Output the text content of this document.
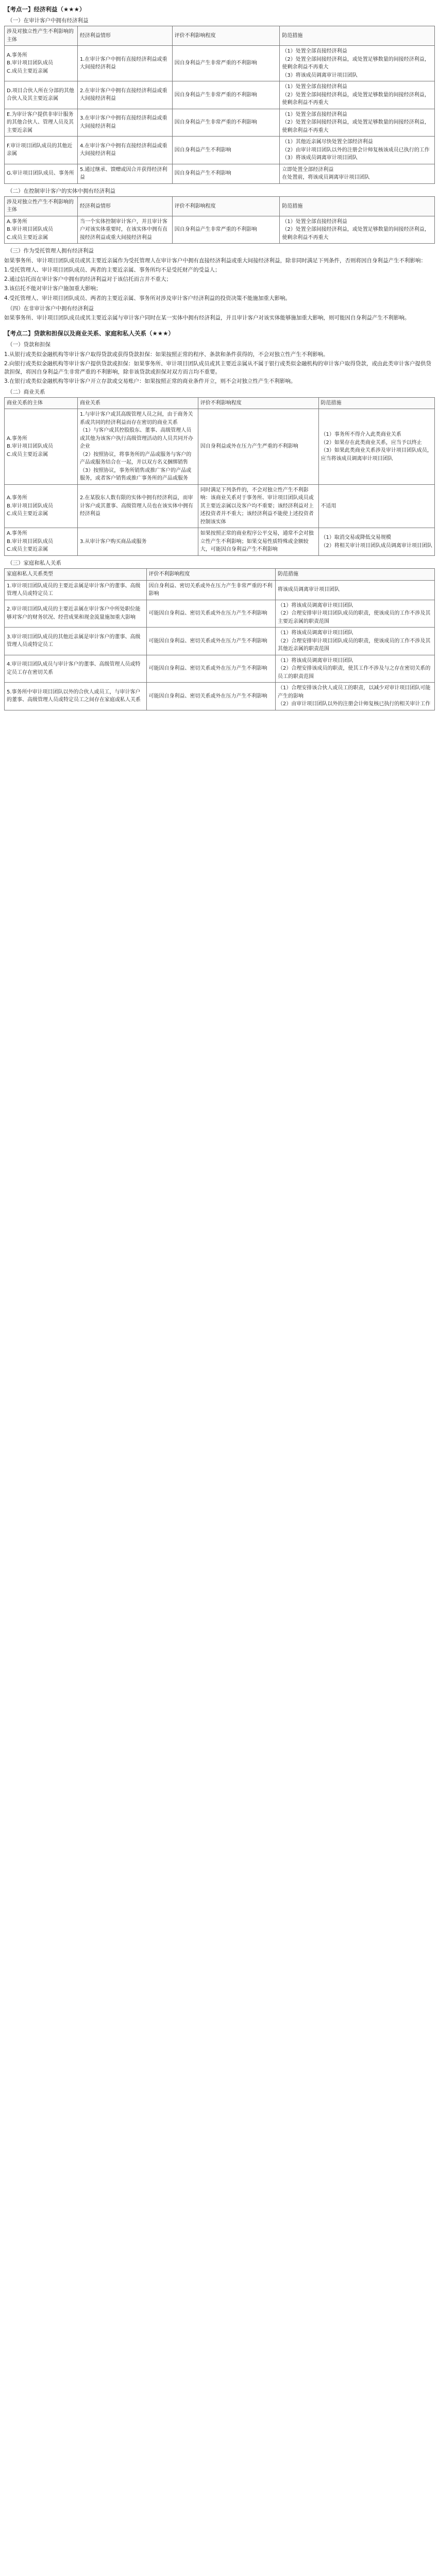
【考点一】经济利益（★★★）
（一）在审计客户中拥有经济利益
涉及对独立性产生不利影响的主体	经济利益情形	评价不利影响程度	防范措施

A.事务所
B.审计项目团队成员
C.成员主要近亲属	1.在审计客户中拥有直接经济利益或重大间接经济利益	因自身利益产生非常严重的不利影响	（1）处置全部直接经济利益
（2）处置全部间接经济利益，或处置足够数量的间接经济利益，使剩余利益不再重大
（3）将该成员调离审计项目团队

D.项目合伙人所在分部的其他合伙人及其主要近亲属	2.在审计客户中拥有直接经济利益或重大间接经济利益	因自身利益产生非常严重的不利影响	（1）处置全部直接经济利益
（2）处置全部间接经济利益，或处置足够数量的间接经济利益，使剩余利益不再重大

E.为审计客户提供非审计服务的其他合伙人、管理人员及其主要近亲属	3.在审计客户中拥有直接经济利益或重大间接经济利益	因自身利益产生非常严重的不利影响	（1）处置全部直接经济利益
（2）处置全部间接经济利益，或处置足够数量的间接经济利益，使剩余利益不再重大

F.审计项目团队成员的其他近亲属	4.在审计客户中拥有直接经济利益或重大间接经济利益	因自身利益产生不利影响	（1）其他近亲属尽快处置全部经济利益
（2）由审计项目团队以外的注册会计师复核该成员已执行的工作
（3）将该成员调离审计项目团队

G.审计项目团队成员、事务所	5.通过继承、馈赠或因合并获得经济利益	因自身利益产生不利影响	立即处置全部经济利益
在处置前，将该成员调离审计项目团队
（二）在控制审计客户的实体中拥有经济利益
涉及对独立性产生不利影响的主体	经济利益情形	评价不利影响程度	防范措施

A.事务所
B.审计项目团队成员
C.成员主要近亲属	当一个实体控制审计客户，并且审计客户对该实体重要时，在该实体中拥有直接经济利益或重大间接经济利益	因自身利益产生非常严重的不利影响	（1）处置全部直接经济利益
（2）处置全部间接经济利益，或处置足够数量的间接经济利益，使剩余利益不再重大
（三）作为受托管理人拥有经济利益

如果事务所、审计项目团队成员或其主要近亲属作为受托管理人在审计客户中拥有直接经济利益或重大间接经济利益，除非同时满足下列条件，否则将因自身利益产生不利影响：

1.受托管理人、审计项目团队成员、两者的主要近亲属、事务所均不是受托财产的受益人；

2.通过信托而在审计客户中拥有的经济利益对于该信托而言并不重大；

3.该信托不能对审计客户施加重大影响；

4.受托管理人、审计项目团队成员、两者的主要近亲属、事务所对涉及审计客户经济利益的投资决策不能施加重大影响。

（四）在非审计客户中拥有经济利益

如果事务所、审计项目团队成员或其主要近亲属与审计客户同时在某一实体中拥有经济利益，并且审计客户对该实体能够施加重大影响，则可能因自身利益产生不利影响。

【考点二】贷款和担保以及商业关系、家庭和私人关系（★★★）
（一）贷款和担保

1.从银行或类似金融机构等审计客户取得贷款或获得贷款担保：如果按照正常的程序、条款和条件获得的，不会对独立性产生不利影响。

2.向银行或类似金融机构等审计客户提供贷款或担保：如果事务所、审计项目团队成员或其主要近亲属从不属于银行或类似金融机构的审计客户取得贷款，或由此类审计客户提供贷款担保，将因自身利益产生非常严重的不利影响，除非该贷款或担保对双方而言均不重要。

3.在银行或类似金融机构等审计客户开立存款或交易账户：如果按照正常的商业条件开立，则不会对独立性产生不利影响。

（二）商业关系
商业关系的主体	商业关系	评价不利影响程度	防范措施

A.事务所
B.审计项目团队成员
C.成员主要近亲属	1.与审计客户或其高级管理人员之间，由于商务关系或共同的经济利益而存在密切的商业关系
（1）与客户或其控股股东、董事、高级管理人员或其他为该客户执行高级管理活动的人员共同开办企业
（2）按照协议，将事务所的产品或服务与客户的产品或服务结合在一起，并以双方名义捆绑销售
（3）按照协议，事务所销售或推广客户的产品或服务，或者客户销售或推广事务所的产品或服务	因自身利益或外在压力产生严重的不利影响	（1）事务所不得介入此类商业关系
（2）如果存在此类商业关系，应当予以终止
（3）如果此类商业关系涉及审计项目团队成员，应当将该成员调离审计项目团队

A.事务所
B.审计项目团队成员
C.成员主要近亲属	2.在某股东人数有限的实体中拥有经济利益，而审计客户或其董事、高级管理人员也在该实体中拥有经济利益	同时满足下列条件的，不会对独立性产生不利影响：该商业关系对于事务所、审计项目团队成员或其主要近亲属以及客户均不重要；该经济利益对上述投资者并不重大；该经济利益不能使上述投资者控制该实体	不适用

A.事务所
B.审计项目团队成员
C.成员主要近亲属	3.从审计客户购买商品或服务	如果按照正常的商业程序公平交易，通常不会对独立性产生不利影响；如果交易性质特殊或金额较大，可能因自身利益产生不利影响	（1）取消交易或降低交易规模
（2）将相关审计项目团队成员调离审计项目团队
（三）家庭和私人关系
家庭和私人关系类型	评价不利影响程度	防范措施

1.审计项目团队成员的主要近亲属是审计客户的董事、高级管理人员或特定员工	因自身利益、密切关系或外在压力产生非常严重的不利影响	将该成员调离审计项目团队

2.审计项目团队成员的主要近亲属在审计客户中所处职位能够对客户的财务状况、经营成果和现金流量施加重大影响	可能因自身利益、密切关系或外在压力产生不利影响	（1）将该成员调离审计项目团队
（2）合理安排审计项目团队成员的职责，使该成员的工作不涉及其主要近亲属的职责范围

3.审计项目团队成员的其他近亲属是审计客户的董事、高级管理人员或特定员工	可能因自身利益、密切关系或外在压力产生不利影响	（1）将该成员调离审计项目团队
（2）合理安排审计项目团队成员的职责，使该成员的工作不涉及其其他近亲属的职责范围

4.审计项目团队成员与审计客户的董事、高级管理人员或特定员工存在密切关系	可能因自身利益、密切关系或外在压力产生不利影响	（1）将该成员调离审计项目团队
（2）合理安排该成员的职责，使其工作不涉及与之存在密切关系的员工的职责范围

5.事务所中审计项目团队以外的合伙人或员工，与审计客户的董事、高级管理人员或特定员工之间存在家庭或私人关系	可能因自身利益、密切关系或外在压力产生不利影响	（1）合理安排该合伙人或员工的职责，以减少对审计项目团队可能产生的影响
（2）由审计项目团队以外的注册会计师复核已执行的相关审计工作
